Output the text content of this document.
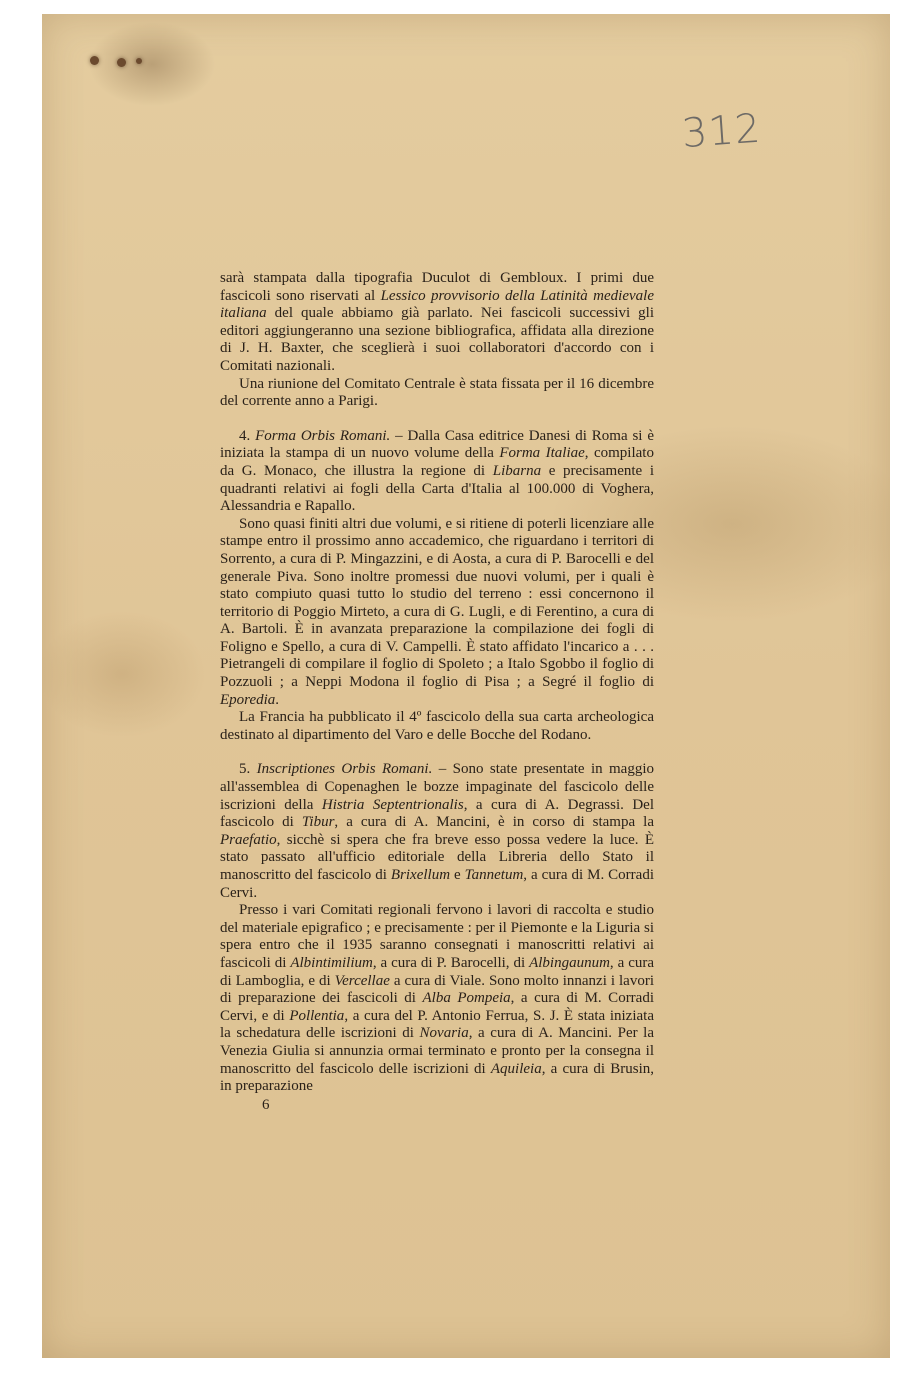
312

sarà stampata dalla tipografia Duculot di Gembloux. I primi due fascicoli sono riservati al Lessico provvisorio della Latinità medievale italiana del quale abbiamo già parlato. Nei fascicoli successivi gli editori aggiungeranno una sezione bibliografica, affidata alla direzione di J. H. Baxter, che sceglierà i suoi collaboratori d'accordo con i Comitati nazionali.

Una riunione del Comitato Centrale è stata fissata per il 16 dicembre del corrente anno a Parigi.

4. Forma Orbis Romani. – Dalla Casa editrice Danesi di Roma si è iniziata la stampa di un nuovo volume della Forma Italiae, compilato da G. Monaco, che illustra la regione di Libarna e precisamente i quadranti relativi ai fogli della Carta d'Italia al 100.000 di Voghera, Alessandria e Rapallo.

Sono quasi finiti altri due volumi, e si ritiene di poterli licenziare alle stampe entro il prossimo anno accademico, che riguardano i territori di Sorrento, a cura di P. Mingazzini, e di Aosta, a cura di P. Barocelli e del generale Piva. Sono inoltre promessi due nuovi volumi, per i quali è stato compiuto quasi tutto lo studio del terreno : essi concernono il territorio di Poggio Mirteto, a cura di G. Lugli, e di Ferentino, a cura di A. Bartoli. È in avanzata preparazione la compilazione dei fogli di Foligno e Spello, a cura di V. Campelli. È stato affidato l'incarico a . . . Pietrangeli di compilare il foglio di Spoleto ; a Italo Sgobbo il foglio di Pozzuoli ; a Neppi Modona il foglio di Pisa ; a Segré il foglio di Eporedia.

La Francia ha pubblicato il 4º fascicolo della sua carta archeologica destinato al dipartimento del Varo e delle Bocche del Rodano.

5. Inscriptiones Orbis Romani. – Sono state presentate in maggio all'assemblea di Copenaghen le bozze impaginate del fascicolo delle iscrizioni della Histria Septentrionalis, a cura di A. Degrassi. Del fascicolo di Tibur, a cura di A. Mancini, è in corso di stampa la Praefatio, sicchè si spera che fra breve esso possa vedere la luce. È stato passato all'ufficio editoriale della Libreria dello Stato il manoscritto del fascicolo di Brixellum e Tannetum, a cura di M. Corradi Cervi.

Presso i vari Comitati regionali fervono i lavori di raccolta e studio del materiale epigrafico ; e precisamente : per il Piemonte e la Liguria si spera entro che il 1935 saranno consegnati i manoscritti relativi ai fascicoli di Albintimilium, a cura di P. Barocelli, di Albingaunum, a cura di Lamboglia, e di Vercellae a cura di Viale. Sono molto innanzi i lavori di preparazione dei fascicoli di Alba Pompeia, a cura di M. Corradi Cervi, e di Pollentia, a cura del P. Antonio Ferrua, S. J. È stata iniziata la schedatura delle iscrizioni di Novaria, a cura di A. Mancini. Per la Venezia Giulia si annunzia ormai terminato e pronto per la consegna il manoscritto del fascicolo delle iscrizioni di Aquileia, a cura di Brusin, in preparazione

6
